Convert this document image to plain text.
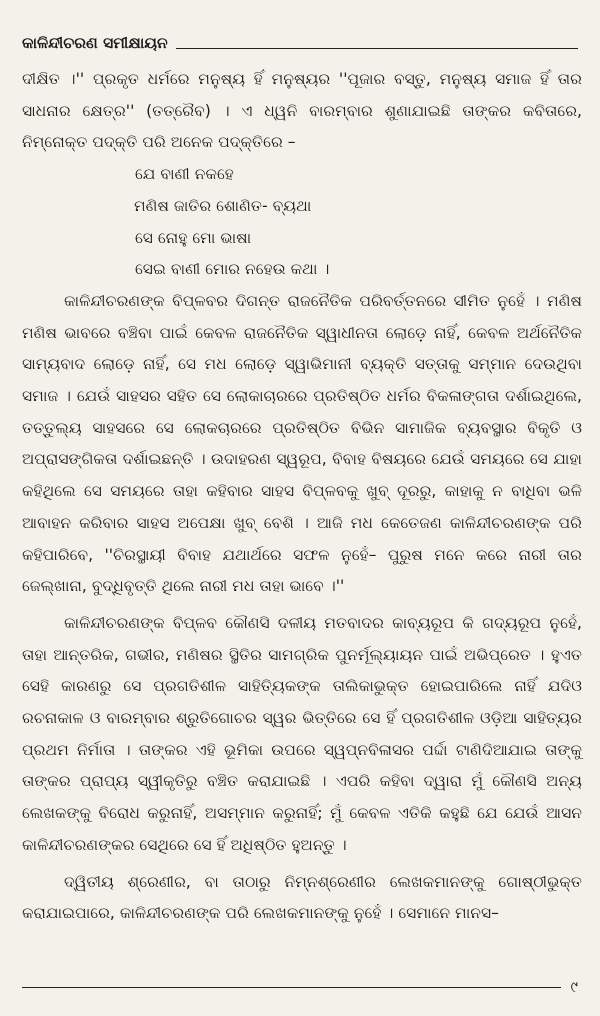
କାଳିନ୍ଦୀଚରଣ ସମୀକ୍ଷାୟନ

ଦୀକ୍ଷିତ ।'' ପ୍ରକୃତ ଧର୍ମରେ ମନୁଷ୍ୟ ହିଁ ମନୁଷ୍ୟର ''ପୂଜାର ବସ୍ତୁ, ମନୁଷ୍ୟ ସମାଜ ହିଁ ତାର ସାଧନାର କ୍ଷେତ୍ର'' (ତତ୍ରୈବ) । ଏ ଧ୍ୱନି ବାରମ୍ବାର ଶୁଣାଯାଇଛି ତାଙ୍କର କବିତାରେ, ନିମ୍ନୋକ୍ତ ପଦ୍‌କ୍ତି ପରି ଅନେକ ପଦ୍‌କ୍ତିରେ –

ଯେ ବାଣୀ ନକହେ
ମଣିଷ ଜାତିର ଶୋଣିତ- ବ୍ୟଥା
ସେ ନୋହୁ ମୋ ଭାଷା
ସେଇ ବାଣୀ ମୋର ନହେଉ କଥା ।

କାଳିନ୍ଦୀଚରଣଙ୍କ ବିପ୍ଳବର ଦିଗନ୍ତ ରାଜନୈତିକ ପରିବର୍ତ୍ତନରେ ସୀମିତ ନୁହେଁ । ମଣିଷ ମଣିଷ ଭାବରେ ବଞ୍ଚିବା ପାଇଁ କେବଳ ରାଜନୈତିକ ସ୍ୱାଧୀନତା ଲୋଡ଼େ ନାହିଁ, କେବଳ ଅର୍ଥନୈତିକ ସାମ୍ୟବାଦ ଲୋଡ଼େ ନାହିଁ, ସେ ମଧ ଲୋଡ଼େ ସ୍ୱାଭିମାନୀ ବ୍ୟକ୍ତି ସତ୍ତାକୁ ସମ୍ମାନ ଦେଉଥିବା ସମାଜ । ଯେଉଁ ସାହସର ସହିତ ସେ ଲୋକାଚାରରେ ପ୍ରତିଷ୍ଠିତ ଧର୍ମର ବିକଳାଙ୍ଗତା ଦର୍ଶାଇଥିଲେ, ତତ୍ତୁଲ୍ୟ ସାହସରେ ସେ ଲୋକଚାରରେ ପ୍ରତିଷ୍ଠିତ ବିଭିନ ସାମାଜିକ ବ୍ୟବସ୍ଥାର ବିକୃତି ଓ ଅପ୍ରାସଙ୍ଗିକତା ଦର୍ଶାଇଛନ୍ତି । ଉଦାହରଣ ସ୍ୱରୂପ, ବିବାହ ବିଷୟରେ ଯେଉଁ ସମୟରେ ସେ ଯାହା କହିଥିଲେ ସେ ସମୟରେ ତାହା କହିବାର ସାହସ ବିପ୍ଳବକୁ ଖୁବ୍ ଦୂରରୁ, କାହାକୁ ନ ବାଧିବା ଭଳି ଆବାହନ କରିବାର ସାହସ ଅପେକ୍ଷା ଖୁବ୍ ବେଶି । ଆଜି ମଧ କେତେଜଣ କାଳିନ୍ଦୀଚରଣଙ୍କ ପରି କହିପାରିବେ, ''ଚିରସ୍ଥାୟୀ ବିବାହ ଯଥାର୍ଥରେ ସଫଳ ନୁହେଁ– ପୁରୁଷ ମନେ କରେ ନାରୀ ତାର ଜେଲ୍‌ଖାନା, ବୁଦ୍ଧିବୃତ୍ତି ଥିଲେ ନାରୀ ମଧ ତାହା ଭାବେ ।''

କାଳିନ୍ଦୀଚରଣଙ୍କ ବିପ୍ଳବ କୌଣସି ଦଳୀୟ ମତବାଦର କାବ୍ୟରୂପ କି ଗଦ୍ୟରୂପ ନୁହେଁ, ତାହା ଆନ୍ତରିକ, ଗଭୀର, ମଣିଷର ସ୍ଥିତିର ସାମଗ୍ରିକ ପୁନର୍ମୂଲ୍ୟାୟନ ପାଇଁ ଅଭିପ୍ରେତ । ହୁଏତ ସେହି କାରଣରୁ ସେ ପ୍ରଗତିଶୀଳ ସାହିତ୍ୟିକଙ୍କ ତାଲିକାଭୁକ୍ତ ହୋଇପାରିଲେ ନାହିଁ ଯଦିଓ ରଚନାକାଳ ଓ ବାରମ୍ବାର ଶ୍ରୁତିଗୋଚର ସ୍ୱର ଭିତ୍ତିରେ ସେ ହିଁ ପ୍ରଗତିଶୀଳ ଓଡ଼ିଆ ସାହିତ୍ୟର ପ୍ରଥମ ନିର୍ମାତା । ତାଙ୍କର ଏହି ଭୂମିକା ଉପରେ ସ୍ୱପ୍ନବିଳାସର ପର୍ଦ୍ଦା ଟାଣିଦିଆଯାଇ ତାଙ୍କୁ ତାଙ୍କର ପ୍ରାପ୍ୟ ସ୍ୱୀକୃତିରୁ ବଞ୍ଚିତ କରାଯାଇଛି । ଏପରି କହିବା ଦ୍ୱାରା ମୁଁ କୌଣସି ଅନ୍ୟ ଲେଖକଙ୍କୁ ବିରୋଧ କରୁନାହିଁ, ଅସମ୍ମାନ କରୁନାହିଁ; ମୁଁ କେବଳ ଏତିକି କହୁଛି ଯେ ଯେଉଁ ଆସନ କାଳିନ୍ଦୀଚରଣଙ୍କର ସେଥିରେ ସେ ହିଁ ଅଧିଷ୍ଠିତ ହୁଅନ୍ତୁ ।

ଦ୍ୱିତୀୟ ଶ୍ରେଣୀର, ବା ତାଠାରୁ ନିମ୍ନଶ୍ରେଣୀର ଲେଖକମାନଙ୍କୁ ଗୋଷ୍ଠୀଭୁକ୍ତ କରାଯାଇପାରେ, କାଳିନ୍ଦୀଚରଣଙ୍କ ପରି ଲେଖକମାନଙ୍କୁ ନୁହେଁ । ସେମାନେ ମାନସ–

୯
